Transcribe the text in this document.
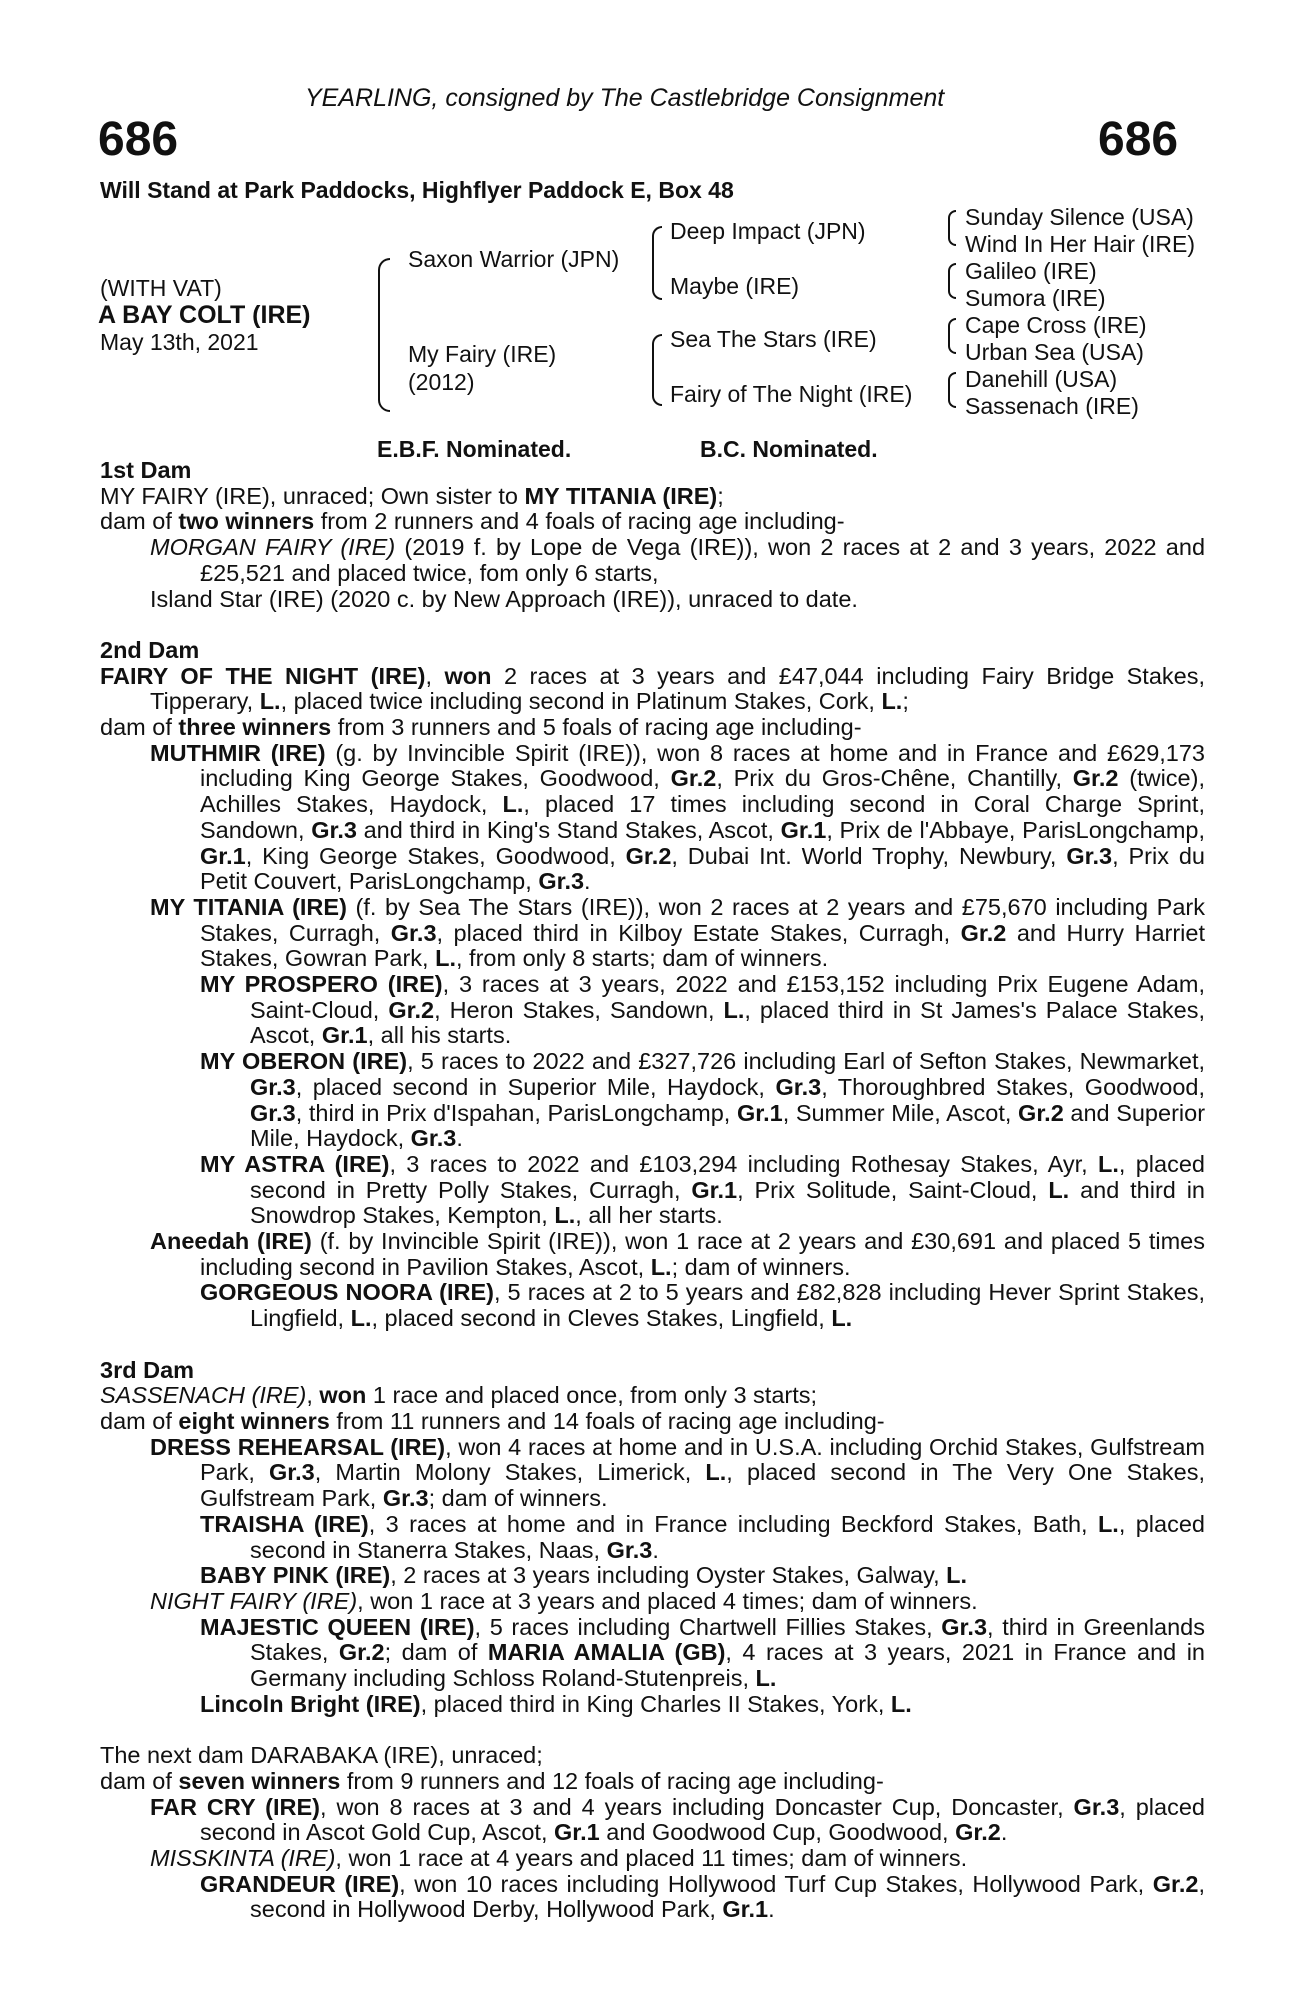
YEARLING, consigned by The Castlebridge Consignment
686	686
Will Stand at Park Paddocks, Highflyer Paddock E, Box 48
(WITH VAT)
A BAY COLT (IRE)
May 13th, 2021
Saxon Warrior (JPN)
My Fairy (IRE)
(2012)
Deep Impact (JPN)
Maybe (IRE)
Sea The Stars (IRE)
Fairy of The Night (IRE)
Sunday Silence (USA)
Wind In Her Hair (IRE)
Galileo (IRE)
Sumora (IRE)
Cape Cross (IRE)
Urban Sea (USA)
Danehill (USA)
Sassenach (IRE)
E.B.F. Nominated.	B.C. Nominated.
1st Dam
MY FAIRY (IRE), unraced; Own sister to MY TITANIA (IRE);
dam of two winners from 2 runners and 4 foals of racing age including-
MORGAN FAIRY (IRE) (2019 f. by Lope de Vega (IRE)), won 2 races at 2 and 3 years, 2022 and £25,521 and placed twice, fom only 6 starts,
Island Star (IRE) (2020 c. by New Approach (IRE)), unraced to date.
2nd Dam
FAIRY OF THE NIGHT (IRE), won 2 races at 3 years and £47,044 including Fairy Bridge Stakes, Tipperary, L., placed twice including second in Platinum Stakes, Cork, L.;
dam of three winners from 3 runners and 5 foals of racing age including-
MUTHMIR (IRE) (g. by Invincible Spirit (IRE)), won 8 races at home and in France and £629,173 including King George Stakes, Goodwood, Gr.2, Prix du Gros-Chêne, Chantilly, Gr.2 (twice), Achilles Stakes, Haydock, L., placed 17 times including second in Coral Charge Sprint, Sandown, Gr.3 and third in King's Stand Stakes, Ascot, Gr.1, Prix de l'Abbaye, ParisLongchamp, Gr.1, King George Stakes, Goodwood, Gr.2, Dubai Int. World Trophy, Newbury, Gr.3, Prix du Petit Couvert, ParisLongchamp, Gr.3.
MY TITANIA (IRE) (f. by Sea The Stars (IRE)), won 2 races at 2 years and £75,670 including Park Stakes, Curragh, Gr.3, placed third in Kilboy Estate Stakes, Curragh, Gr.2 and Hurry Harriet Stakes, Gowran Park, L., from only 8 starts; dam of winners.
MY PROSPERO (IRE), 3 races at 3 years, 2022 and £153,152 including Prix Eugene Adam, Saint-Cloud, Gr.2, Heron Stakes, Sandown, L., placed third in St James's Palace Stakes, Ascot, Gr.1, all his starts.
MY OBERON (IRE), 5 races to 2022 and £327,726 including Earl of Sefton Stakes, Newmarket, Gr.3, placed second in Superior Mile, Haydock, Gr.3, Thoroughbred Stakes, Goodwood, Gr.3, third in Prix d'Ispahan, ParisLongchamp, Gr.1, Summer Mile, Ascot, Gr.2 and Superior Mile, Haydock, Gr.3.
MY ASTRA (IRE), 3 races to 2022 and £103,294 including Rothesay Stakes, Ayr, L., placed second in Pretty Polly Stakes, Curragh, Gr.1, Prix Solitude, Saint-Cloud, L. and third in Snowdrop Stakes, Kempton, L., all her starts.
Aneedah (IRE) (f. by Invincible Spirit (IRE)), won 1 race at 2 years and £30,691 and placed 5 times including second in Pavilion Stakes, Ascot, L.; dam of winners.
GORGEOUS NOORA (IRE), 5 races at 2 to 5 years and £82,828 including Hever Sprint Stakes, Lingfield, L., placed second in Cleves Stakes, Lingfield, L.
3rd Dam
SASSENACH (IRE), won 1 race and placed once, from only 3 starts;
dam of eight winners from 11 runners and 14 foals of racing age including-
DRESS REHEARSAL (IRE), won 4 races at home and in U.S.A. including Orchid Stakes, Gulfstream Park, Gr.3, Martin Molony Stakes, Limerick, L., placed second in The Very One Stakes, Gulfstream Park, Gr.3; dam of winners.
TRAISHA (IRE), 3 races at home and in France including Beckford Stakes, Bath, L., placed second in Stanerra Stakes, Naas, Gr.3.
BABY PINK (IRE), 2 races at 3 years including Oyster Stakes, Galway, L.
NIGHT FAIRY (IRE), won 1 race at 3 years and placed 4 times; dam of winners.
MAJESTIC QUEEN (IRE), 5 races including Chartwell Fillies Stakes, Gr.3, third in Greenlands Stakes, Gr.2; dam of MARIA AMALIA (GB), 4 races at 3 years, 2021 in France and in Germany including Schloss Roland-Stutenpreis, L.
Lincoln Bright (IRE), placed third in King Charles II Stakes, York, L.
The next dam DARABAKA (IRE), unraced;
dam of seven winners from 9 runners and 12 foals of racing age including-
FAR CRY (IRE), won 8 races at 3 and 4 years including Doncaster Cup, Doncaster, Gr.3, placed second in Ascot Gold Cup, Ascot, Gr.1 and Goodwood Cup, Goodwood, Gr.2.
MISSKINTA (IRE), won 1 race at 4 years and placed 11 times; dam of winners.
GRANDEUR (IRE), won 10 races including Hollywood Turf Cup Stakes, Hollywood Park, Gr.2, second in Hollywood Derby, Hollywood Park, Gr.1.
